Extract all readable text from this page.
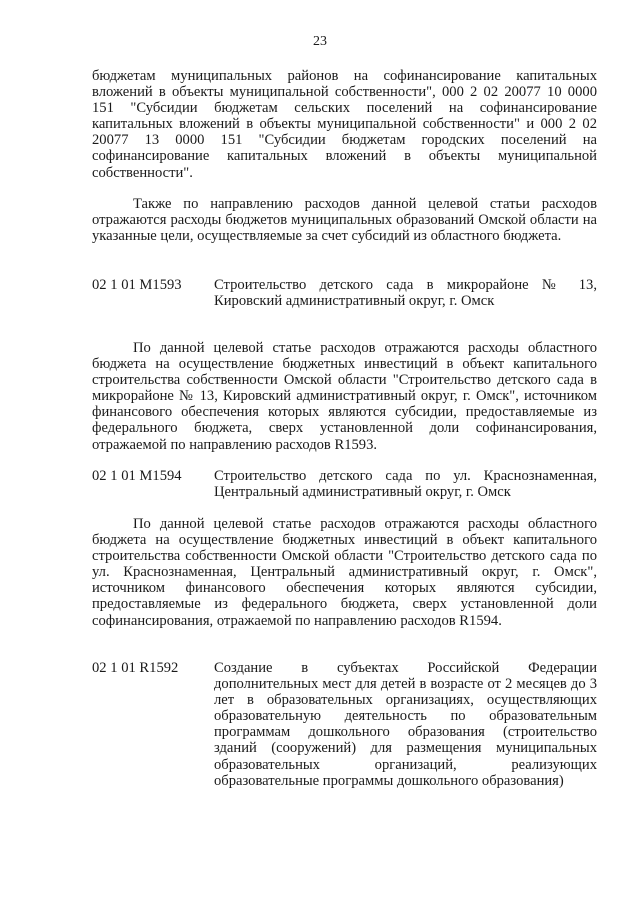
23

бюджетам муниципальных районов на софинансирование капитальных вложений в объекты муниципальной собственности", 000 2 02 20077 10 0000 151 "Субсидии бюджетам сельских поселений на софинансирование капитальных вложений в объекты муниципальной собственности" и 000 2 02 20077 13 0000 151 "Субсидии бюджетам городских поселений на софинансирование капитальных вложений в объекты муниципальной собственности".

Также по направлению расходов данной целевой статьи расходов отражаются расходы бюджетов муниципальных образований Омской области на указанные цели, осуществляемые за счет субсидий из областного бюджета.

02 1 01 M1593 Строительство детского сада в микрорайоне № 13, Кировский административный округ, г. Омск

По данной целевой статье расходов отражаются расходы областного бюджета на осуществление бюджетных инвестиций в объект капитального строительства собственности Омской области "Строительство детского сада в микрорайоне № 13, Кировский административный округ, г. Омск", источником финансового обеспечения которых являются субсидии, предоставляемые из федерального бюджета, сверх установленной доли софинансирования, отражаемой по направлению расходов R1593.

02 1 01 M1594 Строительство детского сада по ул. Краснознаменная, Центральный административный округ, г. Омск

По данной целевой статье расходов отражаются расходы областного бюджета на осуществление бюджетных инвестиций в объект капитального строительства собственности Омской области "Строительство детского сада по ул. Краснознаменная, Центральный административный округ, г. Омск", источником финансового обеспечения которых являются субсидии, предоставляемые из федерального бюджета, сверх установленной доли софинансирования, отражаемой по направлению расходов R1594.

02 1 01 R1592 Создание в субъектах Российской Федерации дополнительных мест для детей в возрасте от 2 месяцев до 3 лет в образовательных организациях, осуществляющих образовательную деятельность по образовательным программам дошкольного образования (строительство зданий (сооружений) для размещения муниципальных образовательных организаций, реализующих образовательные программы дошкольного образования)
